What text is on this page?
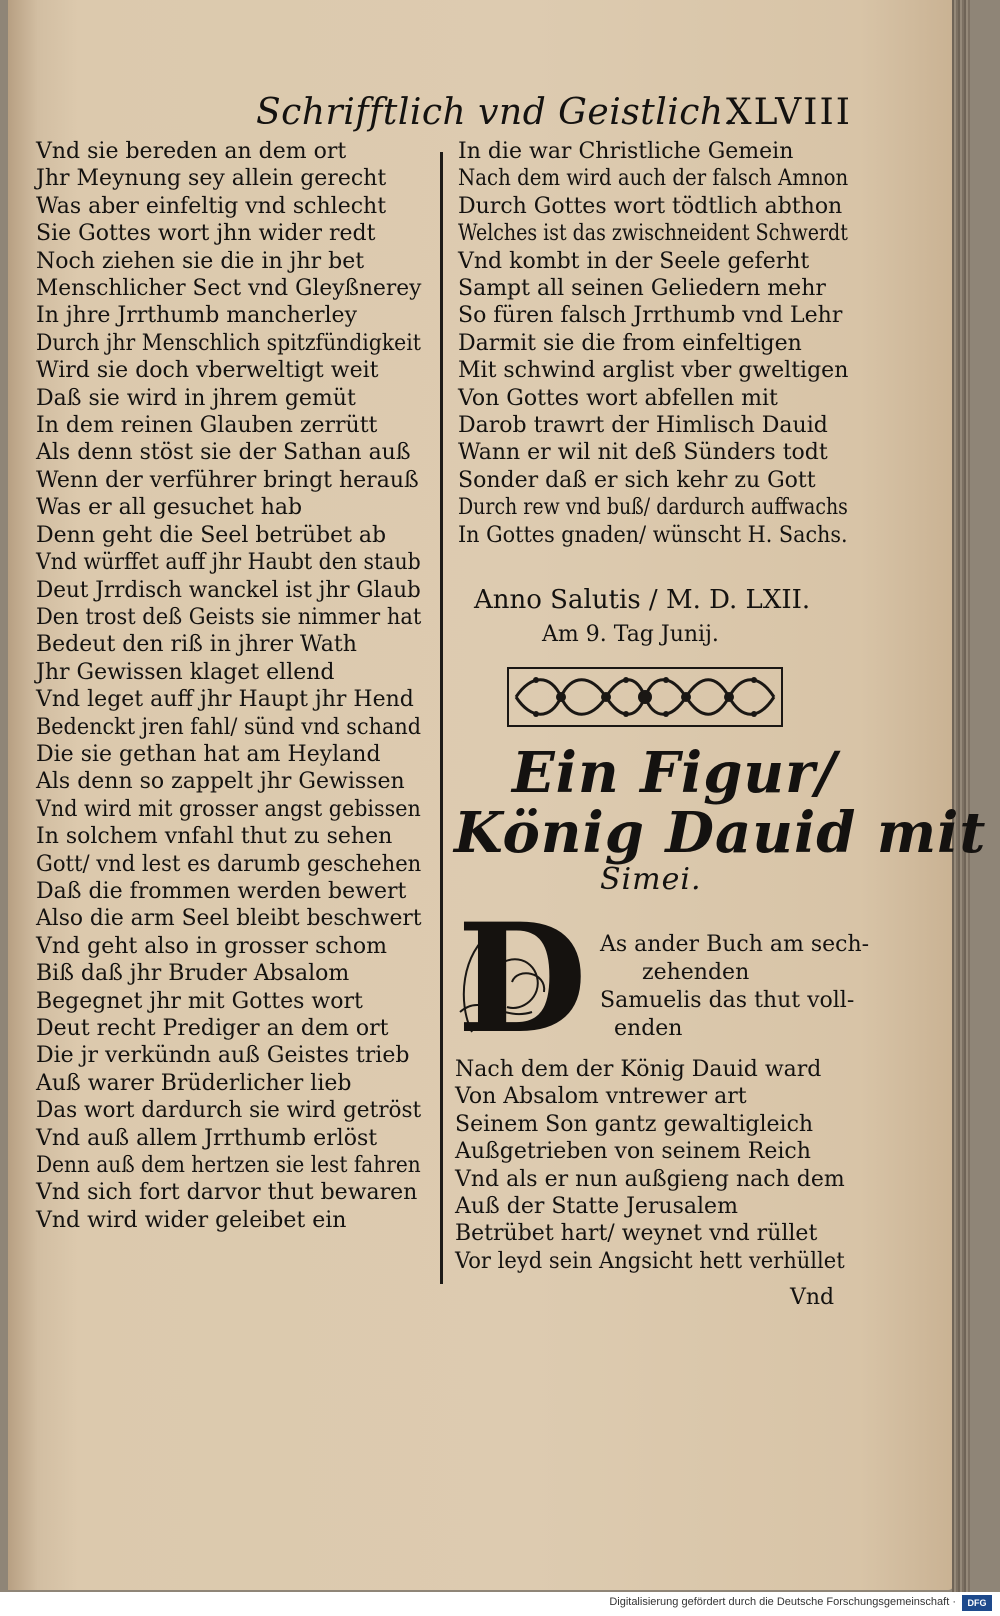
Schrifftlich vnd Geistlich.
XLVIII
Vnd sie bereden an dem ort
Jhr Meynung sey allein gerecht
Was aber einfeltig vnd schlecht
Sie Gottes wort jhn wider redt
Noch ziehen sie die in jhr bet
Menschlicher Sect vnd Gleyßnerey
In jhre Jrrthumb mancherley
Durch jhr Menschlich spitzfündigkeit
Wird sie doch vberweltigt weit
Daß sie wird in jhrem gemüt
In dem reinen Glauben zerrütt
Als denn stöst sie der Sathan auß
Wenn der verführer bringt herauß
Was er all gesuchet hab
Denn geht die Seel betrübet ab
Vnd würffet auff jhr Haubt den staub
Deut Jrrdisch wanckel ist jhr Glaub
Den trost deß Geists sie nimmer hat
Bedeut den riß in jhrer Wath
Jhr Gewissen klaget ellend
Vnd leget auff jhr Haupt jhr Hend
Bedenckt jren fahl/ sünd vnd schand
Die sie gethan hat am Heyland
Als denn so zappelt jhr Gewissen
Vnd wird mit grosser angst gebissen
In solchem vnfahl thut zu sehen
Gott/ vnd lest es darumb geschehen
Daß die frommen werden bewert
Also die arm Seel bleibt beschwert
Vnd geht also in grosser schom
Biß daß jhr Bruder Absalom
Begegnet jhr mit Gottes wort
Deut recht Prediger an dem ort
Die jr verkündn auß Geistes trieb
Auß warer Brüderlicher lieb
Das wort dardurch sie wird getröst
Vnd auß allem Jrrthumb erlöst
Denn auß dem hertzen sie lest fahren
Vnd sich fort darvor thut bewaren
Vnd wird wider geleibet ein
In die war Christliche Gemein
Nach dem wird auch der falsch Amnon
Durch Gottes wort tödtlich abthon
Welches ist das zwischneident Schwerdt
Vnd kombt in der Seele geferht
Sampt all seinen Geliedern mehr
So füren falsch Jrrthumb vnd Lehr
Darmit sie die from einfeltigen
Mit schwind arglist vber gweltigen
Von Gottes wort abfellen mit
Darob trawrt der Himlisch Dauid
Wann er wil nit deß Sünders todt
Sonder daß er sich kehr zu Gott
Durch rew vnd buß/ dardurch auffwachs
In Gottes gnaden/ wünscht H. Sachs.
Anno Salutis / M. D. LXII.
Am 9. Tag Junij.
Ein Figur/
König Dauid mit
Simei.
D As ander Buch am sech-
zehenden
Samuelis das thut voll-
enden
Nach dem der König Dauid ward
Von Absalom vntrewer art
Seinem Son gantz gewaltigleich
Außgetrieben von seinem Reich
Vnd als er nun außgieng nach dem
Auß der Statte Jerusalem
Betrübet hart/ weynet vnd rüllet
Vor leyd sein Angsicht hett verhüllet
Vnd
Digitalisierung gefördert durch die Deutsche Forschungsgemeinschaft ·	DFG
